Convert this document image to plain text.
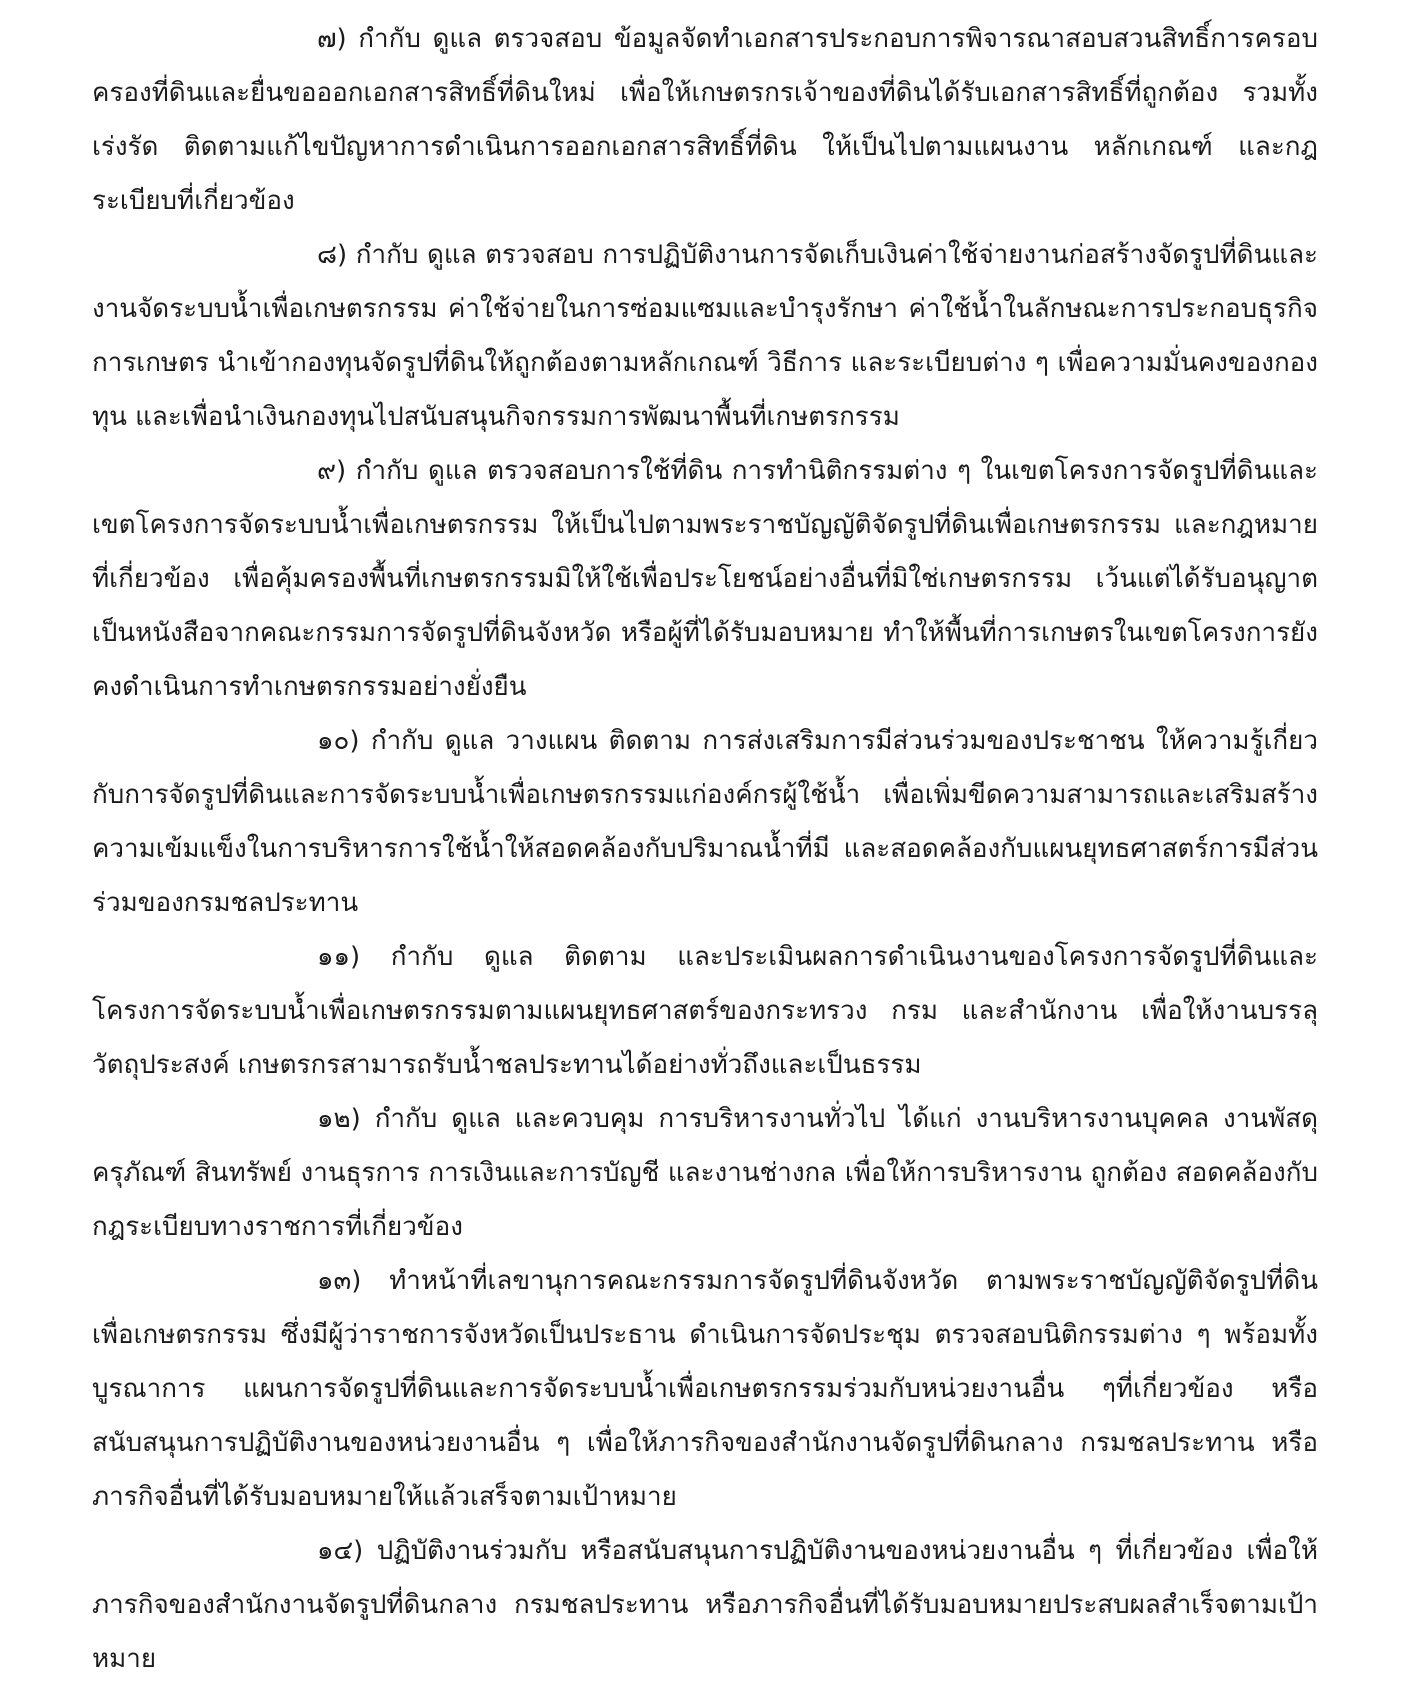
๗) กำกับ ดูแล ตรวจสอบ ข้อมูลจัดทำเอกสารประกอบการพิจารณาสอบสวนสิทธิ์การครอบครองที่ดินและยื่นขอออกเอกสารสิทธิ์ที่ดินใหม่ เพื่อให้เกษตรกรเจ้าของที่ดินได้รับเอกสารสิทธิ์ที่ถูกต้อง รวมทั้งเร่งรัด ติดตามแก้ไขปัญหาการดำเนินการออกเอกสารสิทธิ์ที่ดิน ให้เป็นไปตามแผนงาน หลักเกณฑ์ และกฎ ระเบียบที่เกี่ยวข้อง

๘) กำกับ ดูแล ตรวจสอบ การปฏิบัติงานการจัดเก็บเงินค่าใช้จ่ายงานก่อสร้างจัดรูปที่ดินและงานจัดระบบน้ำเพื่อเกษตรกรรม ค่าใช้จ่ายในการซ่อมแซมและบำรุงรักษา ค่าใช้น้ำในลักษณะการประกอบธุรกิจการเกษตร นำเข้ากองทุนจัดรูปที่ดินให้ถูกต้องตามหลักเกณฑ์ วิธีการ และระเบียบต่าง ๆ เพื่อความมั่นคงของกองทุน และเพื่อนำเงินกองทุนไปสนับสนุนกิจกรรมการพัฒนาพื้นที่เกษตรกรรม

๙) กำกับ ดูแล ตรวจสอบการใช้ที่ดิน การทำนิติกรรมต่าง ๆ ในเขตโครงการจัดรูปที่ดินและเขตโครงการจัดระบบน้ำเพื่อเกษตรกรรม ให้เป็นไปตามพระราชบัญญัติจัดรูปที่ดินเพื่อเกษตรกรรม และกฎหมายที่เกี่ยวข้อง เพื่อคุ้มครองพื้นที่เกษตรกรรมมิให้ใช้เพื่อประโยชน์อย่างอื่นที่มิใช่เกษตรกรรม เว้นแต่ได้รับอนุญาตเป็นหนังสือจากคณะกรรมการจัดรูปที่ดินจังหวัด หรือผู้ที่ได้รับมอบหมาย ทำให้พื้นที่การเกษตรในเขตโครงการยังคงดำเนินการทำเกษตรกรรมอย่างยั่งยืน

๑๐) กำกับ ดูแล วางแผน ติดตาม การส่งเสริมการมีส่วนร่วมของประชาชน ให้ความรู้เกี่ยวกับการจัดรูปที่ดินและการจัดระบบน้ำเพื่อเกษตรกรรมแก่องค์กรผู้ใช้น้ำ เพื่อเพิ่มขีดความสามารถและเสริมสร้างความเข้มแข็งในการบริหารการใช้น้ำให้สอดคล้องกับปริมาณน้ำที่มี และสอดคล้องกับแผนยุทธศาสตร์การมีส่วนร่วมของกรมชลประทาน

๑๑) กำกับ ดูแล ติดตาม และประเมินผลการดำเนินงานของโครงการจัดรูปที่ดินและโครงการจัดระบบน้ำเพื่อเกษตรกรรมตามแผนยุทธศาสตร์ของกระทรวง กรม และสำนักงาน เพื่อให้งานบรรลุวัตถุประสงค์ เกษตรกรสามารถรับน้ำชลประทานได้อย่างทั่วถึงและเป็นธรรม

๑๒) กำกับ ดูแล และควบคุม การบริหารงานทั่วไป ได้แก่ งานบริหารงานบุคคล งานพัสดุครุภัณฑ์ สินทรัพย์ งานธุรการ การเงินและการบัญชี และงานช่างกล เพื่อให้การบริหารงาน ถูกต้อง สอดคล้องกับกฎระเบียบทางราชการที่เกี่ยวข้อง

๑๓) ทำหน้าที่เลขานุการคณะกรรมการจัดรูปที่ดินจังหวัด ตามพระราชบัญญัติจัดรูปที่ดินเพื่อเกษตรกรรม ซึ่งมีผู้ว่าราชการจังหวัดเป็นประธาน ดำเนินการจัดประชุม ตรวจสอบนิติกรรมต่าง ๆ พร้อมทั้งบูรณาการ แผนการจัดรูปที่ดินและการจัดระบบน้ำเพื่อเกษตรกรรมร่วมกับหน่วยงานอื่น ๆที่เกี่ยวข้อง หรือสนับสนุนการปฏิบัติงานของหน่วยงานอื่น ๆ เพื่อให้ภารกิจของสำนักงานจัดรูปที่ดินกลาง กรมชลประทาน หรือภารกิจอื่นที่ได้รับมอบหมายให้แล้วเสร็จตามเป้าหมาย

๑๔) ปฏิบัติงานร่วมกับ หรือสนับสนุนการปฏิบัติงานของหน่วยงานอื่น ๆ ที่เกี่ยวข้อง เพื่อให้ภารกิจของสำนักงานจัดรูปที่ดินกลาง กรมชลประทาน หรือภารกิจอื่นที่ได้รับมอบหมายประสบผลสำเร็จตามเป้าหมาย
